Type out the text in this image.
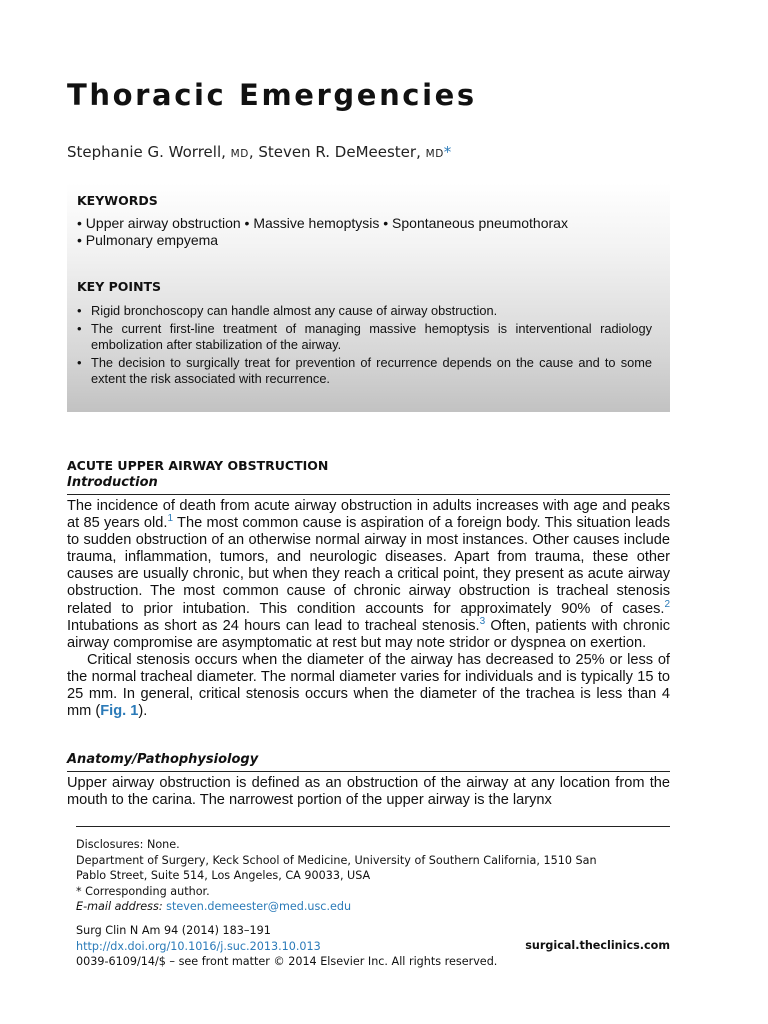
Thoracic Emergencies
Stephanie G. Worrell, MD, Steven R. DeMeester, MD*
KEYWORDS
• Upper airway obstruction • Massive hemoptysis • Spontaneous pneumothorax
• Pulmonary empyema
KEY POINTS
• Rigid bronchoscopy can handle almost any cause of airway obstruction.
• The current first-line treatment of managing massive hemoptysis is interventional radiology embolization after stabilization of the airway.
• The decision to surgically treat for prevention of recurrence depends on the cause and to some extent the risk associated with recurrence.
ACUTE UPPER AIRWAY OBSTRUCTION
Introduction

The incidence of death from acute airway obstruction in adults increases with age and peaks at 85 years old.$^1$ The most common cause is aspiration of a foreign body. This situation leads to sudden obstruction of an otherwise normal airway in most instances. Other causes include trauma, inflammation, tumors, and neurologic diseases. Apart from trauma, these other causes are usually chronic, but when they reach a critical point, they present as acute airway obstruction. The most common cause of chronic airway obstruction is tracheal stenosis related to prior intubation. This condition accounts for approximately 90% of cases.$^2$ Intubations as short as 24 hours can lead to tracheal stenosis.$^3$ Often, patients with chronic airway compromise are asymptomatic at rest but may note stridor or dyspnea on exertion.

Critical stenosis occurs when the diameter of the airway has decreased to 25% or less of the normal tracheal diameter. The normal diameter varies for individuals and is typically 15 to 25 mm. In general, critical stenosis occurs when the diameter of the trachea is less than 4 mm (Fig. 1).

Anatomy/Pathophysiology

Upper airway obstruction is defined as an obstruction of the airway at any location from the mouth to the carina. The narrowest portion of the upper airway is the larynx

Disclosures: None.
Department of Surgery, Keck School of Medicine, University of Southern California, 1510 San
Pablo Street, Suite 514, Los Angeles, CA 90033, USA
* Corresponding author.
E-mail address: steven.demeester@med.usc.edu
Surg Clin N Am 94 (2014) 183–191
http://dx.doi.org/10.1016/j.suc.2013.10.013
0039-6109/14/$ – see front matter © 2014 Elsevier Inc. All rights reserved.
surgical.theclinics.com
